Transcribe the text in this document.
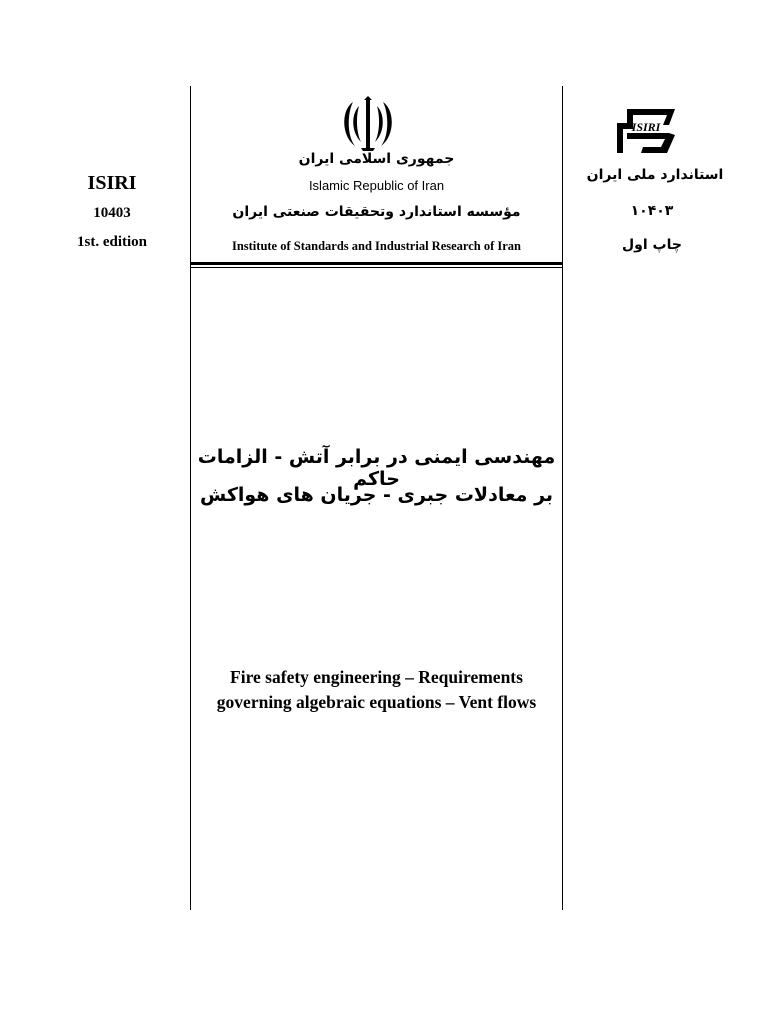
ISIRI
10403
1st. edition
ISIRI
استاندارد ملی ایران
۱۰۴۰۳
چاپ اول
جمهوری اسلامی ایران
Islamic Republic of Iran
مؤسسه استاندارد وتحقیقات صنعتی ایران
Institute of Standards and Industrial Research of Iran
مهندسی ایمنی در برابر آتش - الزامات حاکم
بر معادلات جبری - جریان های هواکش
Fire safety engineering – Requirements
governing algebraic equations – Vent flows
